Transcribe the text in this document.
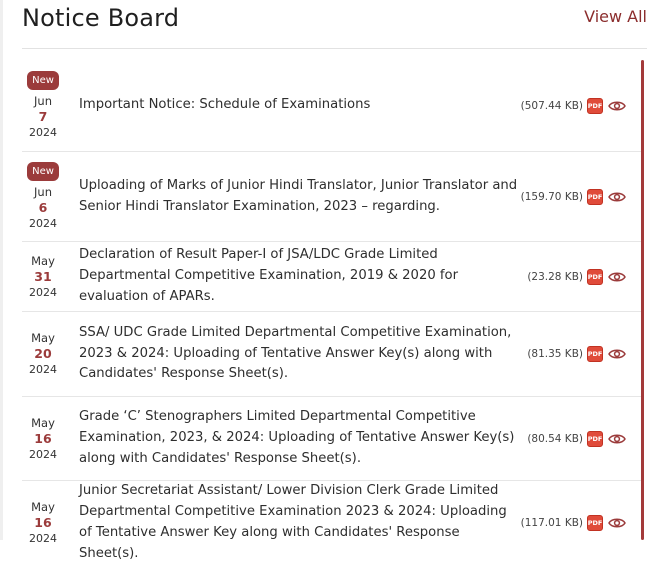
Notice Board	View All
New
Jun
7
2024
Important Notice: Schedule of Examinations	(507.44 KB) PDF
New
Jun
6
2024
Uploading of Marks of Junior Hindi Translator, Junior Translator and Senior Hindi Translator Examination, 2023 – regarding.
(159.70 KB) PDF
May
31
2024
Declaration of Result Paper-I of JSA/LDC Grade Limited Departmental Competitive Examination, 2019 & 2020 for evaluation of APARs.
(23.28 KB) PDF
May
20
2024
SSA/ UDC Grade Limited Departmental Competitive Examination, 2023 & 2024: Uploading of Tentative Answer Key(s) along with Candidates' Response Sheet(s).
(81.35 KB) PDF
May
16
2024
Grade ‘C’ Stenographers Limited Departmental Competitive Examination, 2023, & 2024: Uploading of Tentative Answer Key(s) along with Candidates' Response Sheet(s).
(80.54 KB) PDF
May
16
2024
Junior Secretariat Assistant/ Lower Division Clerk Grade Limited Departmental Competitive Examination 2023 & 2024: Uploading of Tentative Answer Key along with Candidates' Response Sheet(s).
(117.01 KB) PDF
